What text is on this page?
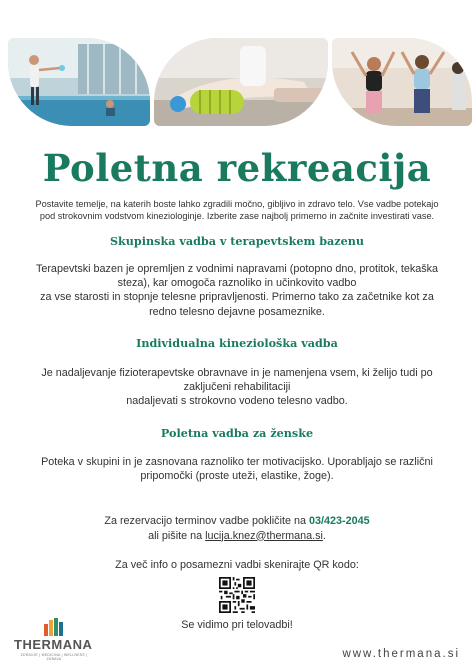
Poletna rekreacija

Postavite temelje, na katerih boste lahko zgradili močno, gibljivo in zdravo telo. Vse vadbe potekajo

pod strokovnim vodstvom kineziologinje. Izberite zase najbolj primerno in začnite investirati vase.

Skupinska vadba v terapevtskem bazenu

Terapevtski bazen je opremljen z vodnimi napravami (potopno dno, protitok, tekaška

steza), kar omogoča raznoliko in učinkovito vadbo

za vse starosti in stopnje telesne pripravljenosti. Primerno tako za začetnike kot za

redno telesno dejavne posameznike.

Individualna kineziološka vadba

Je nadaljevanje fizioterapevtske obravnave in je namenjena vsem, ki želijo tudi po

zaključeni rehabilitaciji

nadaljevati s strokovno vodeno telesno vadbo.

Poletna vadba za ženske

Poteka v skupini in je zasnovana raznoliko ter motivacijsko. Uporabljajo se različni

pripomočki (proste uteži, elastike, žoge).

Za rezervacijo terminov vadbe pokličite na 03/423-2045

ali pišite na lucija.knez@thermana.si.

Za več info o posamezni vadbi skenirajte QR kodo:

Se vidimo pri telovadbi!

THERMANA

ZDRAVJE | MEDICINA | WELLNESS | ZABAVA	www.thermana.si
